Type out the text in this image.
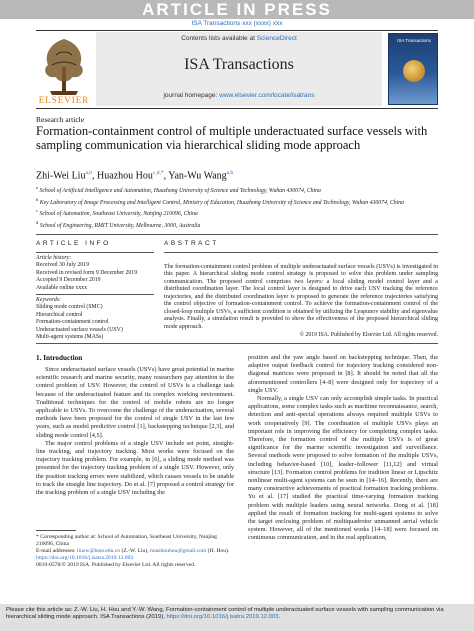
ARTICLE IN PRESS
ISA Transactions xxx (xxxx) xxx
ELSEVIER
Contents lists available at ScienceDirect
ISA Transactions
journal homepage: www.elsevier.com/locate/isatrans
ISA Transactions
Research article
Formation-containment control of multiple underactuated surface vessels with sampling communication via hierarchical sliding mode approach
Zhi-Wei Liu$^{a,b}$, Huazhou Hou$^{c,d,*}$, Yan-Wu Wang$^{a,b}$
$^a$ School of Artificial Intelligence and Automation, Huazhong University of Science and Technology, Wuhan 430074, China
$^b$ Key Laboratory of Image Processing and Intelligent Control, Ministry of Education, Huazhong University of Science and Technology, Wuhan 430074, China
$^c$ School of Automation, Southeast University, Nanjing 210096, China
$^d$ School of Engineering, RMIT University, Melbourne, 3000, Australia
ARTICLE INFO	ABSTRACT
Article history:
Received 30 July 2019
Received in revised form 9 December 2019
Accepted 9 December 2019
Available online xxxx
Keywords:
Sliding mode control (SMC)
Hierarchical control
Formation-containment control
Underactuated surface vessels (USV)
Multi-agent systems (MASs)
The formation-containment control problem of multiple underactuated surface vessels (USVs) is investigated in this paper. A hierarchical sliding mode control strategy is proposed to solve this problem under sampling communication. The proposed control comprises two layers: a local sliding model control layer and a distributed coordination layer. The local control layer is designed to drive each USV tracking the reference trajectories, and the distributed coordination layer is proposed to generate the reference trajectories satisfying the control objective of formation-containment control. To achieve the formation-containment control of the closed-loop multiple USVs, a sufficient condition is obtained by utilizing the Lyapunov stability and eigenvalue analysis. Finally, a simulation result is provided to show the effectiveness of the proposed hierarchical sliding mode approach.
© 2019 ISA. Published by Elsevier Ltd. All rights reserved.
1. Introduction

Since underactuated surface vessels (USVs) have great potential in marine scientific research and marine security, many researchers pay attention to the control problem of USV. However, the control of USVs is a challenge task because of the underactuated feature and its complex working environment. Traditional techniques for the control of mobile robots are no longer applicable to USVs. To overcome the challenge of the underactuation, several methods have been proposed for the control of single USV in the last few years, such as model predictive control [1], backstepping technique [2,3], and sliding mode control [4,5].

The major control problems of a single USV include set point, straight-line tracking, and trajectory tracking. Most works were focused on the trajectory tracking problem. For example, in [6], a sliding mode method was presented for the trajectory tracking problem of a single USV. However, only the position tracking errors were stabilized, which causes vessels to be unable to track the straight line trajectory. Do et al. [7] proposed a control strategy for the tracking problem of a single USV including the

position and the yaw angle based on backstepping technique. Then, the adaptive output feedback control for trajectory tracking considered non-diagonal matrices were proposed in [8]. It should be noted that all the aforementioned controllers [4–8] were designed only for trajectory of a single USV.

Normally, a single USV can only accomplish simple tasks. In practical applications, some complex tasks such as maritime reconnaissance, search, detection and anti-special operations always required multiple USVs to work cooperatively [9]. The coordination of multiple USVs plays an important role in improving the efficiency for completing complex tasks. Therefore, the formation control of the multiple USVs is of great significance for the marine scientific investigation and surveillance. Several methods were proposed to solve formation of the multiple USVs, including behavior-based [10], leader–follower [11,12] and virtual structure [13]. Formation control problems for tradition linear or Lipschitz nonlinear multi-agent systems can be seen in [14–16]. Recently, there are many constructive achievements of practical formation tracking problems. Yu et al. [17] studied the practical time-varying formation tracking problem with multiple leaders using neural networks. Dong et al. [18] applied the result of formation tracking for multi-agent systems to solve the target enclosing problem of multiquadrotor unmanned aerial vehicle system. However, all of the mentioned works [14–18] were focused on continuous communication, and in the real application,

* Corresponding author at: School of Automation, Southeast University, Nanjing 210096, China
E-mail addresses: liuzw@hust.edu.cn (Z.-W. Liu), huazhouhou@gmail.com (H. Hou).
https://doi.org/10.1016/j.isatra.2019.12.003
0019-0578/© 2019 ISA. Published by Elsevier Ltd. All rights reserved.
Please cite this article as: Z.-W. Liu, H. Hou and Y.-W. Wang, Formation-containment control of multiple underactuated surface vessels with sampling communication via hierarchical sliding mode approach. ISA Transactions (2019), https://doi.org/10.1016/j.isatra.2019.12.003.
